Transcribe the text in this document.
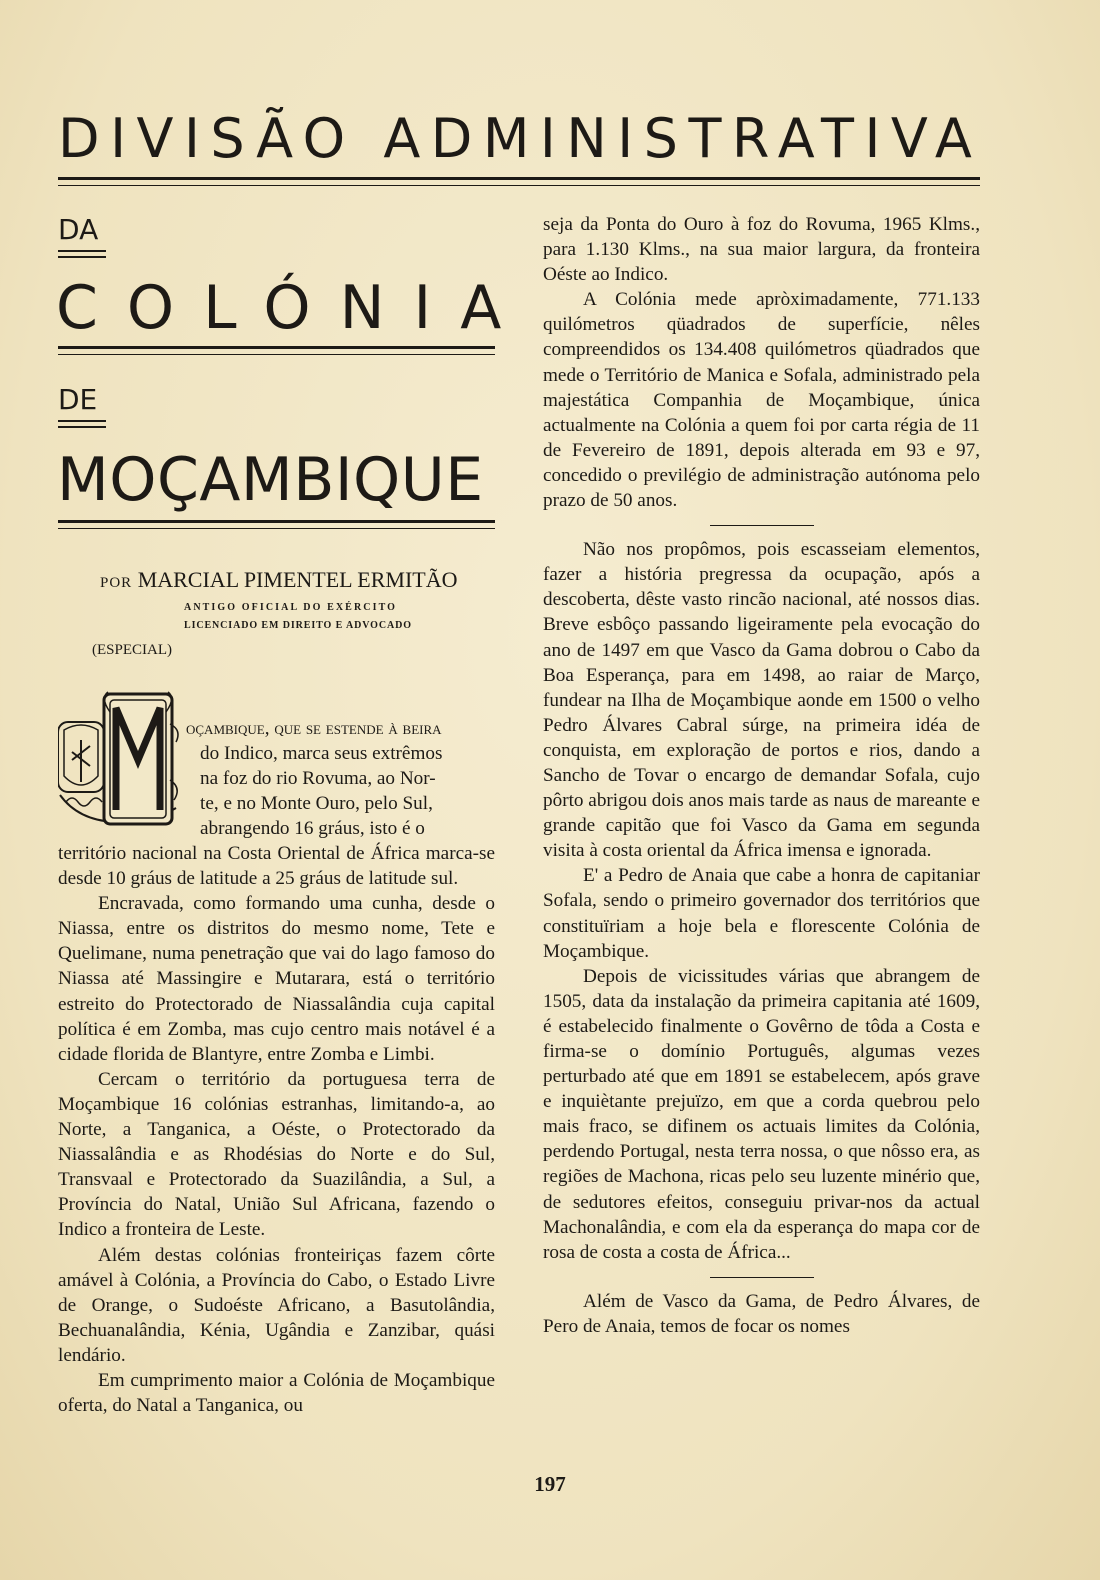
DIVISÃO ADMINISTRATIVA
DA
COLÓNIA
DE
MOÇAMBIQUE
POR MARCIAL PIMENTEL ERMITÃO
ANTIGO OFICIAL DO EXÉRCITO
LICENCIADO EM DIREITO E ADVOCADO
(ESPECIAL)
oçambique, que se estende à beira
do Indico, marca seus extrêmos
na foz do rio Rovuma, ao Nor-
te, e no Monte Ouro, pelo Sul,
abrangendo 16 gráus, isto é o

território nacional na Costa Oriental de África marca-se desde 10 gráus de latitude a 25 gráus de latitude sul.

Encravada, como formando uma cunha, desde o Niassa, entre os distritos do mesmo nome, Tete e Quelimane, numa penetração que vai do lago famoso do Niassa até Massingire e Mutarara, está o território estreito do Protectorado de Niassalândia cuja capital política é em Zomba, mas cujo centro mais notável é a cidade florida de Blantyre, entre Zomba e Limbi.

Cercam o território da portuguesa terra de Moçambique 16 colónias estranhas, limitando-a, ao Norte, a Tanganica, a Oéste, o Protectorado da Niassalândia e as Rhodésias do Norte e do Sul, Transvaal e Protectorado da Suazilândia, a Sul, a Província do Natal, União Sul Africana, fazendo o Indico a fronteira de Leste.

Além destas colónias fronteiriças fazem côrte amável à Colónia, a Província do Cabo, o Estado Livre de Orange, o Sudoéste Africano, a Basutolândia, Bechuanalândia, Kénia, Ugândia e Zanzibar, quási lendário.

Em cumprimento maior a Colónia de Moçambique oferta, do Natal a Tanganica, ou

seja da Ponta do Ouro à foz do Rovuma, 1965 Klms., para 1.130 Klms., na sua maior largura, da fronteira Oéste ao Indico.

A Colónia mede apròximadamente, 771.133 quilómetros qüadrados de superfície, nêles compreendidos os 134.408 quilómetros qüadrados que mede o Território de Manica e Sofala, administrado pela majestática Companhia de Moçambique, única actualmente na Colónia a quem foi por carta régia de 11 de Fevereiro de 1891, depois alterada em 93 e 97, concedido o previlégio de administração autónoma pelo prazo de 50 anos.

Não nos propômos, pois escasseiam elementos, fazer a história pregressa da ocupação, após a descoberta, dêste vasto rincão nacional, até nossos dias. Breve esbôço passando ligeiramente pela evocação do ano de 1497 em que Vasco da Gama dobrou o Cabo da Boa Esperança, para em 1498, ao raiar de Março, fundear na Ilha de Moçambique aonde em 1500 o velho Pedro Álvares Cabral súrge, na primeira idéa de conquista, em exploração de portos e rios, dando a Sancho de Tovar o encargo de demandar Sofala, cujo pôrto abrigou dois anos mais tarde as naus de mareante e grande capitão que foi Vasco da Gama em segunda visita à costa oriental da África imensa e ignorada.

E' a Pedro de Anaia que cabe a honra de capitaniar Sofala, sendo o primeiro governador dos territórios que constituïriam a hoje bela e florescente Colónia de Moçambique.

Depois de vicissitudes várias que abrangem de 1505, data da instalação da primeira capitania até 1609, é estabelecido finalmente o Govêrno de tôda a Costa e firma-se o domínio Português, algumas vezes perturbado até que em 1891 se estabelecem, após grave e inquiètante prejuïzo, em que a corda quebrou pelo mais fraco, se difinem os actuais limites da Colónia, perdendo Portugal, nesta terra nossa, o que nôsso era, as regiões de Machona, ricas pelo seu luzente minério que, de sedutores efeitos, conseguiu privar-nos da actual Machonalândia, e com ela da esperança do mapa cor de rosa de costa a costa de África...

Além de Vasco da Gama, de Pedro Álvares, de Pero de Anaia, temos de focar os nomes

197
